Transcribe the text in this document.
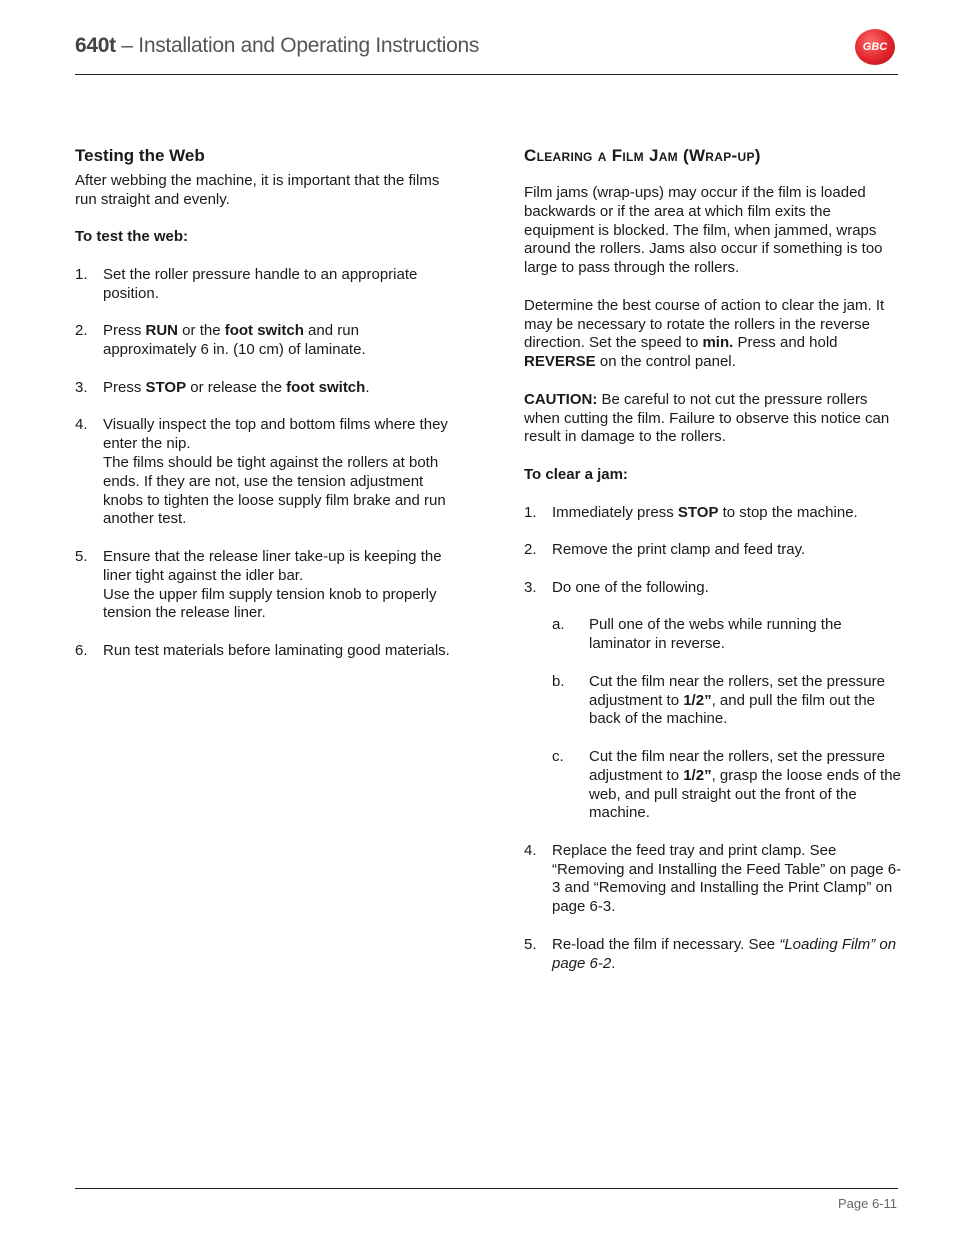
640t – Installation and Operating Instructions	GBC
Testing the Web

After webbing the machine, it is important that the films run straight and evenly.

To test the web:
1. Set the roller pressure handle to an appropriate position.
2. Press RUN or the foot switch and run approximately 6 in. (10 cm) of laminate.
3. Press STOP or release the foot switch.
4. Visually inspect the top and bottom films where they enter the nip.
The films should be tight against the rollers at both ends. If they are not, use the tension adjustment knobs to tighten the loose supply film brake and run another test.
5. Ensure that the release liner take-up is keeping the liner tight against the idler bar.
Use the upper film supply tension knob to properly tension the release liner.
6. Run test materials before laminating good materials.
Clearing a Film Jam (Wrap-up)

Film jams (wrap-ups) may occur if the film is loaded backwards or if the area at which film exits the equipment is blocked. The film, when jammed, wraps around the rollers. Jams also occur if something is too large to pass through the rollers.

Determine the best course of action to clear the jam. It may be necessary to rotate the rollers in the reverse direction. Set the speed to min. Press and hold REVERSE on the control panel.

CAUTION: Be careful to not cut the pressure rollers when cutting the film. Failure to observe this notice can result in damage to the rollers.

To clear a jam:
1. Immediately press STOP to stop the machine.
2. Remove the print clamp and feed tray.
3. Do one of the following.
a. Pull one of the webs while running the laminator in reverse.
b. Cut the film near the rollers, set the pressure adjustment to 1/2”, and pull the film out the back of the machine.
c. Cut the film near the rollers, set the pressure adjustment to 1/2”, grasp the loose ends of the web, and pull straight out the front of the machine.
4. Replace the feed tray and print clamp. See “Removing and Installing the Feed Table” on page 6-3 and “Removing and Installing the Print Clamp” on page 6-3.
5. Re-load the film if necessary. See “Loading Film” on page 6-2.
Page 6-11
